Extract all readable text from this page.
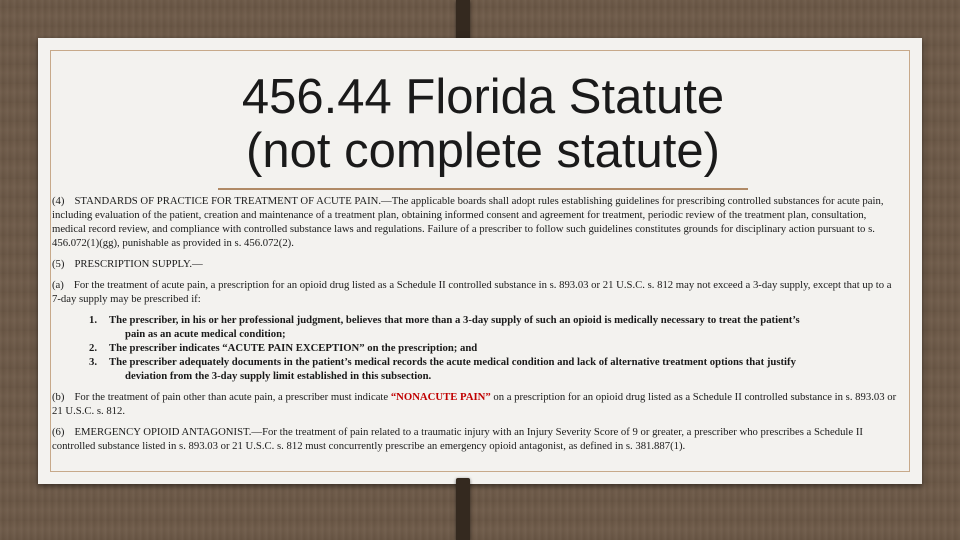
456.44 Florida Statute
(not complete statute)

(4) STANDARDS OF PRACTICE FOR TREATMENT OF ACUTE PAIN.—The applicable boards shall adopt rules establishing guidelines for prescribing controlled substances for acute pain, including evaluation of the patient, creation and maintenance of a treatment plan, obtaining informed consent and agreement for treatment, periodic review of the treatment plan, consultation, medical record review, and compliance with controlled substance laws and regulations. Failure of a prescriber to follow such guidelines constitutes grounds for disciplinary action pursuant to s. 456.072(1)(gg), punishable as provided in s. 456.072(2).

(5) PRESCRIPTION SUPPLY.—

(a) For the treatment of acute pain, a prescription for an opioid drug listed as a Schedule II controlled substance in s. 893.03 or 21 U.S.C. s. 812 may not exceed a 3-day supply, except that up to a 7-day supply may be prescribed if:
1. The prescriber, in his or her professional judgment, believes that more than a 3-day supply of such an opioid is medically necessary to treat the patient’s
pain as an acute medical condition;
2. The prescriber indicates “ACUTE PAIN EXCEPTION” on the prescription; and
3. The prescriber adequately documents in the patient’s medical records the acute medical condition and lack of alternative treatment options that justify
deviation from the 3-day supply limit established in this subsection.

(b) For the treatment of pain other than acute pain, a prescriber must indicate “NONACUTE PAIN” on a prescription for an opioid drug listed as a Schedule II controlled substance in s. 893.03 or 21 U.S.C. s. 812.

(6) EMERGENCY OPIOID ANTAGONIST.—For the treatment of pain related to a traumatic injury with an Injury Severity Score of 9 or greater, a prescriber who prescribes a Schedule II controlled substance listed in s. 893.03 or 21 U.S.C. s. 812 must concurrently prescribe an emergency opioid antagonist, as defined in s. 381.887(1).
